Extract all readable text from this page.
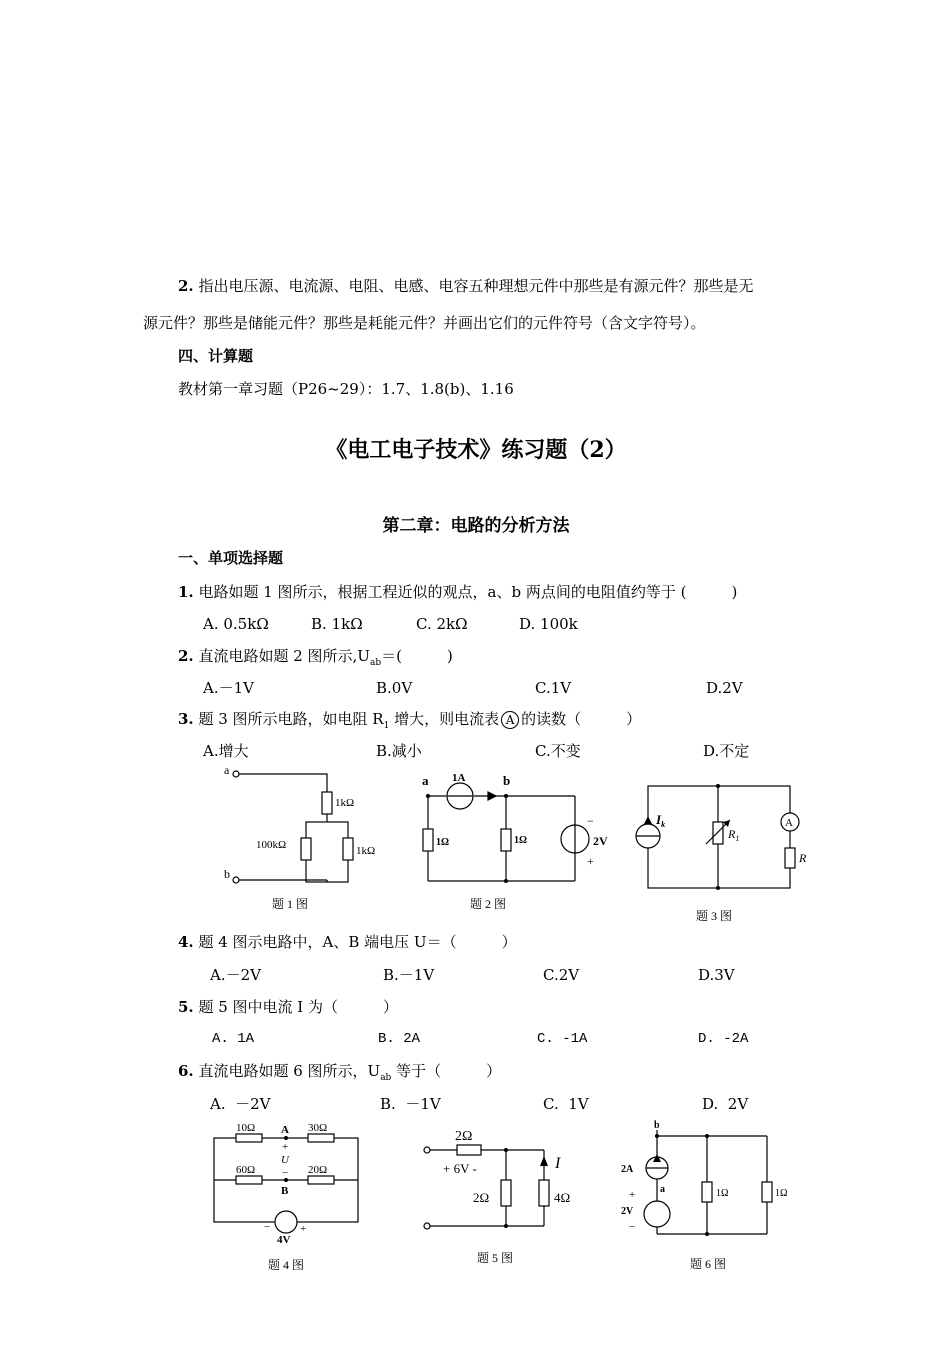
2. 指出电压源、电流源、电阻、电感、电容五种理想元件中那些是有源元件？那些是无
源元件？那些是储能元件？那些是耗能元件？并画出它们的元件符号（含文字符号）。
四、计算题
教材第一章习题（P26~29）：1.7、1.8(b)、1.16
《电工电子技术》练习题（2）
第二章：电路的分析方法
一、单项选择题
1. 电路如题 1 图所示，根据工程近似的观点，a、b 两点间的电阻值约等于 (　　　)
A. 0.5kΩ	B. 1kΩ	C. 2kΩ	D. 100k
2. 直流电路如题 2 图所示$,U_{ab}=$(　　　)
A.－1V	B.0V	C.1V	D.2V
3. 题 3 图所示电路，如电阻 $R_1$ 增大，则电流表 A 的读数（　　　）
A.增大	B.减小	C.不变	D.不定
a
b
1kΩ
100kΩ	1kΩ
题 1 图
a	b
1A
1Ω	1Ω	2V
−
+
题 2 图
$I_k$
$R_1$
A
R
题 3 图
4. 题 4 图示电路中，A、B 端电压 U＝（　　　）
A.－2V	B.－1V	C.2V	D.3V
5. 题 5 图中电流 I 为（　　　）
A. 1A	B. 2A	C. -1A	D. -2A
6. 直流电路如题 6 图所示，$U_{ab}$ 等于（　　　）
A.  －2V	B.  －1V	C.  1V	D.  2V
10Ω	30Ω
60Ω	20Ω
A
+
U
−
B
−	+
4V
题 4 图
2Ω
+ 6V -	I
2Ω	4Ω
题 5 图
b
a
2A
+
2V
−
1Ω	1Ω
题 6 图
